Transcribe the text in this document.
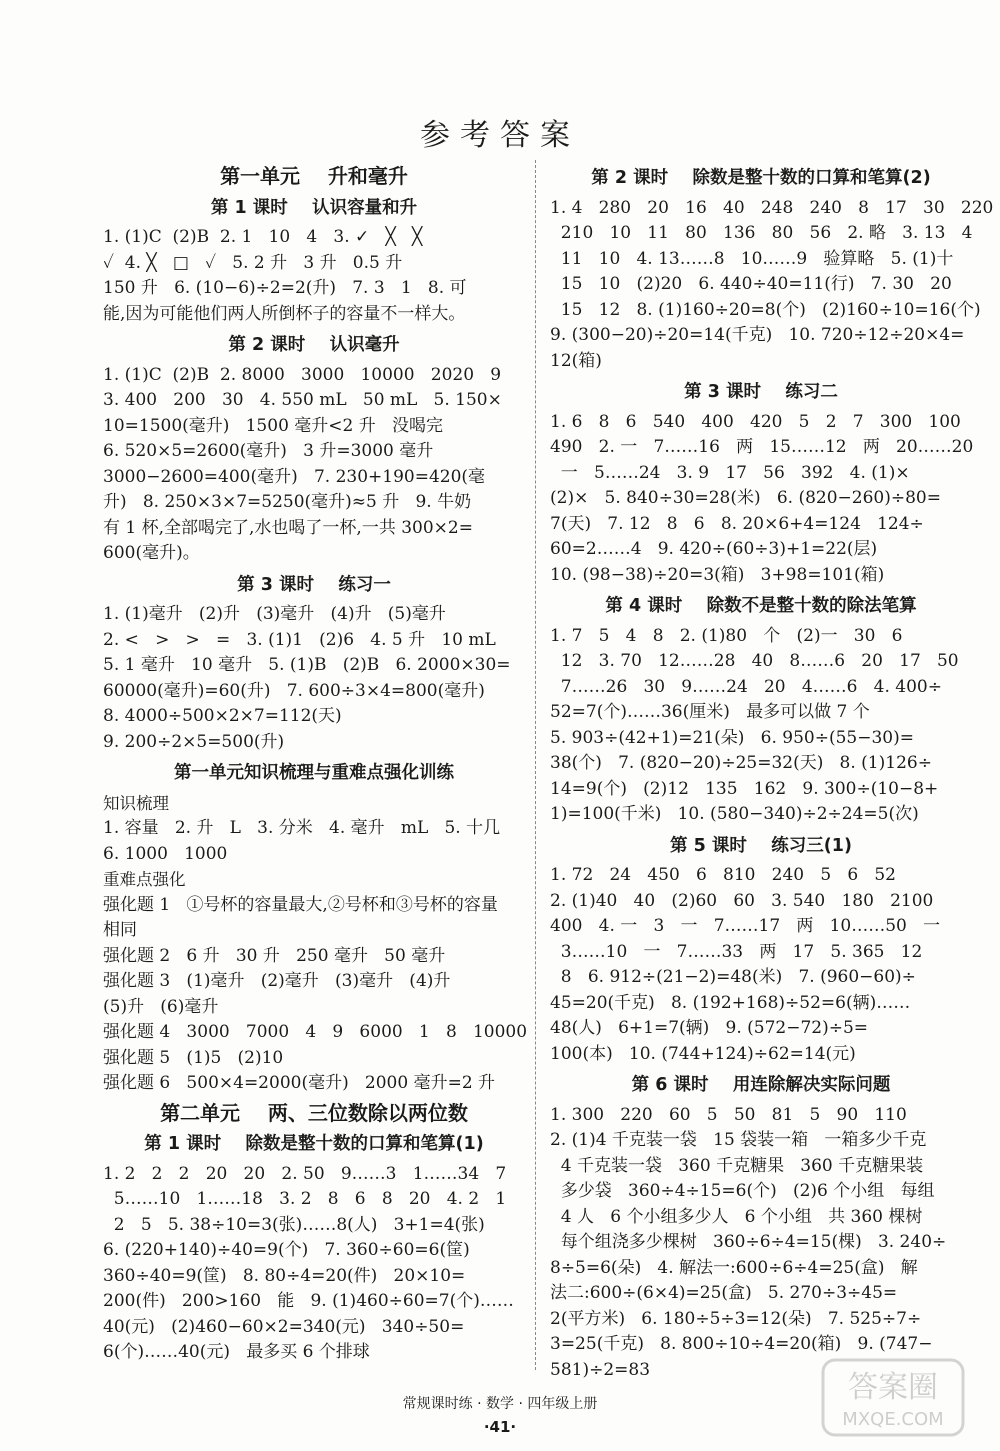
参考答案
第一单元    升和毫升
第 1 课时    认识容量和升
1. (1)C  (2)B  2. 1   10   4   3. ✓   ╳   ╳
✓  4. ╳   □   ✓   5. 2 升   3 升   0.5 升
150 升   6. (10−6)÷2=2(升)   7. 3   1   8. 可
能,因为可能他们两人所倒杯子的容量不一样大。
第 2 课时    认识毫升
1. (1)C  (2)B  2. 8000   3000   10000   2020   9
3. 400   200   30   4. 550 mL   50 mL   5. 150×
10=1500(毫升)   1500 毫升<2 升   没喝完
6. 520×5=2600(毫升)   3 升=3000 毫升
3000−2600=400(毫升)   7. 230+190=420(毫
升)   8. 250×3×7=5250(毫升)≈5 升   9. 牛奶
有 1 杯,全部喝完了,水也喝了一杯,一共 300×2=
600(毫升)。
第 3 课时    练习一
1. (1)毫升   (2)升   (3)毫升   (4)升   (5)毫升
2. <   >   >   =   3. (1)1   (2)6   4. 5 升   10 mL
5. 1 毫升   10 毫升   5. (1)B   (2)B   6. 2000×30=
60000(毫升)=60(升)   7. 600÷3×4=800(毫升)
8. 4000÷500×2×7=112(天)
9. 200÷2×5=500(升)
第一单元知识梳理与重难点强化训练
知识梳理
1. 容量   2. 升   L   3. 分米   4. 毫升   mL   5. 十几
6. 1000   1000
重难点强化
强化题 1   ①号杯的容量最大,②号杯和③号杯的容量
相同
强化题 2   6 升   30 升   250 毫升   50 毫升
强化题 3   (1)毫升   (2)毫升   (3)毫升   (4)升
(5)升   (6)毫升
强化题 4   3000   7000   4   9   6000   1   8   10000
强化题 5   (1)5   (2)10
强化题 6   500×4=2000(毫升)   2000 毫升=2 升
第二单元    两、三位数除以两位数
第 1 课时    除数是整十数的口算和笔算(1)
1. 2   2   2   20   20   2. 50   9……3   1……34   7
5……10   1……18   3. 2   8   6   8   20   4. 2   1
2   5   5. 38÷10=3(张)……8(人)   3+1=4(张)
6. (220+140)÷40=9(个)   7. 360÷60=6(筐)
360÷40=9(筐)   8. 80÷4=20(件)   20×10=
200(件)   200>160   能   9. (1)460÷60=7(个)……
40(元)   (2)460−60×2=340(元)   340÷50=
6(个)……40(元)   最多买 6 个排球
第 2 课时    除数是整十数的口算和笔算(2)
1. 4   280   20   16   40   248   240   8   17   30   220
210   10   11   80   136   80   56   2. 略   3. 13   4
11   10   4. 13……8   10……9   验算略   5. (1)十
15   10   (2)20   6. 440÷40=11(行)   7. 30   20
15   12   8. (1)160÷20=8(个)   (2)160÷10=16(个)
9. (300−20)÷20=14(千克)   10. 720÷12÷20×4=
12(箱)
第 3 课时    练习二
1. 6   8   6   540   400   420   5   2   7   300   100
490   2. 一   7……16   两   15……12   两   20……20
一   5……24   3. 9   17   56   392   4. (1)×
(2)×   5. 840÷30=28(米)   6. (820−260)÷80=
7(天)   7. 12   8   6   8. 20×6+4=124   124÷
60=2……4   9. 420÷(60÷3)+1=22(层)
10. (98−38)÷20=3(箱)   3+98=101(箱)
第 4 课时    除数不是整十数的除法笔算
1. 7   5   4   8   2. (1)80   个   (2)一   30   6
12   3. 70   12……28   40   8……6   20   17   50
7……26   30   9……24   20   4……6   4. 400÷
52=7(个)……36(厘米)   最多可以做 7 个
5. 903÷(42+1)=21(朵)   6. 950÷(55−30)=
38(个)   7. (820−20)÷25=32(天)   8. (1)126÷
14=9(个)   (2)12   135   162   9. 300÷(10−8+
1)=100(千米)   10. (580−340)÷2÷24=5(次)
第 5 课时    练习三(1)
1. 72   24   450   6   810   240   5   6   52
2. (1)40   40   (2)60   60   3. 540   180   2100
400   4. 一   3   一   7……17   两   10……50   一
3……10   一   7……33   两   17   5. 365   12
8   6. 912÷(21−2)=48(米)   7. (960−60)÷
45=20(千克)   8. (192+168)÷52=6(辆)……
48(人)   6+1=7(辆)   9. (572−72)÷5=
100(本)   10. (744+124)÷62=14(元)
第 6 课时    用连除解决实际问题
1. 300   220   60   5   50   81   5   90   110
2. (1)4 千克装一袋   15 袋装一箱   一箱多少千克
4 千克装一袋   360 千克糖果   360 千克糖果装
多少袋   360÷4÷15=6(个)   (2)6 个小组   每组
4 人   6 个小组多少人   6 个小组   共 360 棵树
每个组浇多少棵树   360÷6÷4=15(棵)   3. 240÷
8÷5=6(朵)   4. 解法一:600÷6÷4=25(盒)   解
法二:600÷(6×4)=25(盒)   5. 270÷3÷45=
2(平方米)   6. 180÷5÷3=12(朵)   7. 525÷7÷
3=25(千克)   8. 800÷10÷4=20(箱)   9. (747−
581)÷2=83
常规课时练 · 数学 · 四年级上册
·41·
答案圈
MXQE.COM
